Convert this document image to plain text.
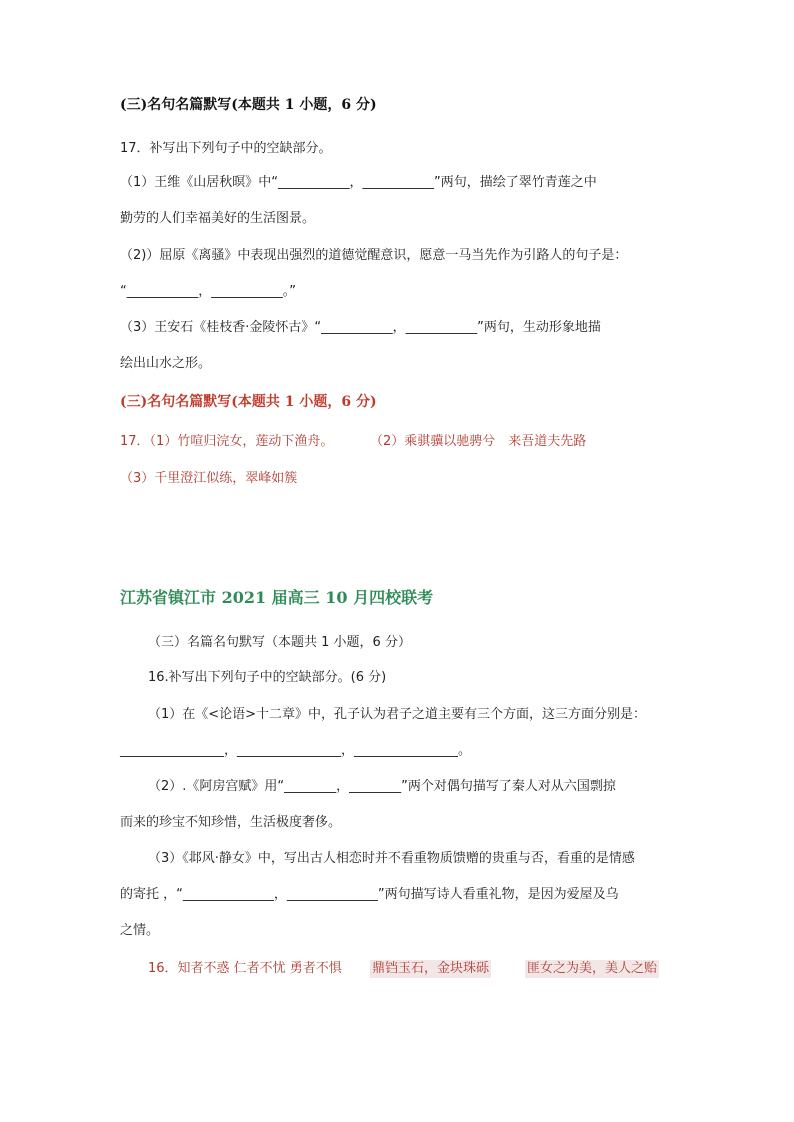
(三)名句名篇默写(本题共 1 小题，6 分)
17．补写出下列句子中的空缺部分。
（1）王维《山居秋暝》中“___________，___________”两句，描绘了翠竹青莲之中
勤劳的人们幸福美好的生活图景。
（2)）屈原《离骚》中表现出强烈的道德觉醒意识，愿意一马当先作为引路人的句子是：
“___________，___________。”
（3）王安石《桂枝香·金陵怀古》“___________，___________”两句，生动形象地描
绘出山水之形。
(三)名句名篇默写(本题共 1 小题，6 分)
17．（1）竹喧归浣女，莲动下渔舟。	（2）乘骐骥以驰骋兮　来吾道夫先路
（3）千里澄江似练，翠峰如簇
江苏省镇江市 2021 届高三 10 月四校联考
（三）名篇名句默写（本题共 1 小题，6 分）
16.补写出下列句子中的空缺部分。(6 分)
（1）在《<论语>十二章》中，孔子认为君子之道主要有三个方面，这三方面分别是：
________________，________________，________________。
（2）.《阿房宫赋》用“________，________”两个对偶句描写了秦人对从六国剽掠
而来的珍宝不知珍惜，生活极度奢侈。
（3）《邶风·静女》中，写出古人相恋时并不看重物质馈赠的贵重与否，看重的是情感
的寄托 ，“______________，______________”两句描写诗人看重礼物，是因为爱屋及乌
之情。
16．知者不惑 仁者不忧 勇者不惧 鼎铛玉石，金块珠砾	匪女之为美，美人之贻
